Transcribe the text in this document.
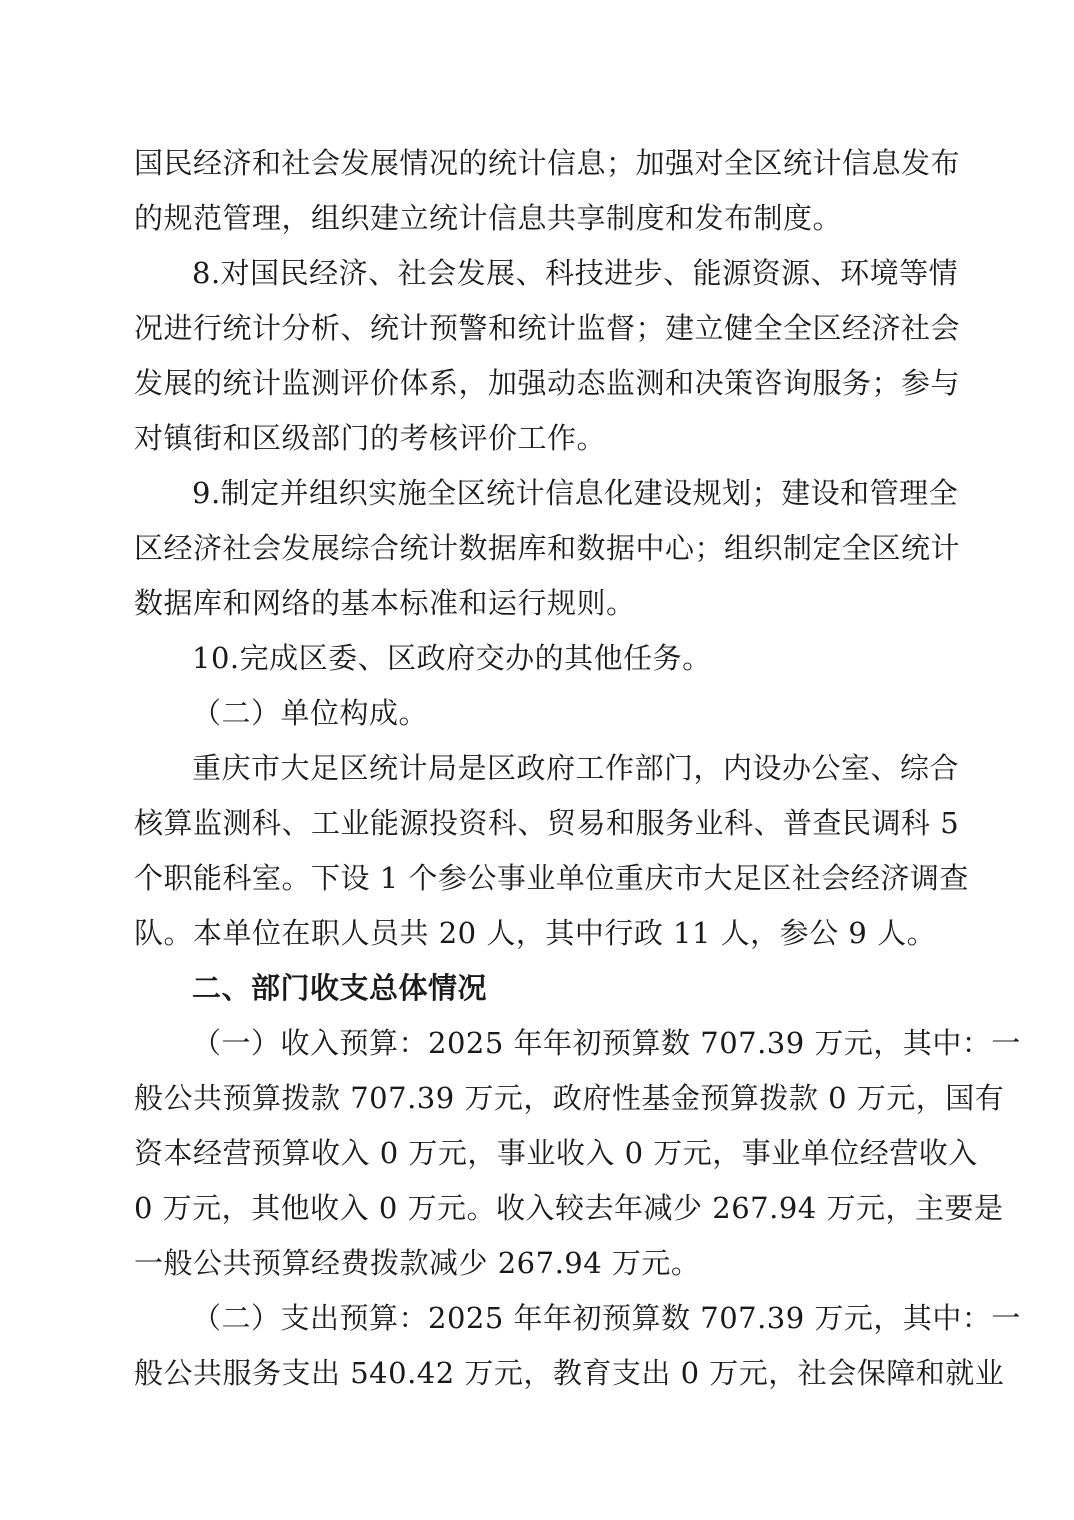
国民经济和社会发展情况的统计信息；加强对全区统计信息发布
的规范管理，组织建立统计信息共享制度和发布制度。
8.对国民经济、社会发展、科技进步、能源资源、环境等情
况进行统计分析、统计预警和统计监督；建立健全全区经济社会
发展的统计监测评价体系，加强动态监测和决策咨询服务；参与
对镇街和区级部门的考核评价工作。
9.制定并组织实施全区统计信息化建设规划；建设和管理全
区经济社会发展综合统计数据库和数据中心；组织制定全区统计
数据库和网络的基本标准和运行规则。
10.完成区委、区政府交办的其他任务。
（二）单位构成。
重庆市大足区统计局是区政府工作部门，内设办公室、综合
核算监测科、工业能源投资科、贸易和服务业科、普查民调科 5
个职能科室。下设 1 个参公事业单位重庆市大足区社会经济调查
队。本单位在职人员共 20 人，其中行政 11 人，参公 9 人。
二、部门收支总体情况
（一）收入预算：2025 年年初预算数 707.39 万元，其中：一
般公共预算拨款 707.39 万元，政府性基金预算拨款 0 万元，国有
资本经营预算收入 0 万元，事业收入 0 万元，事业单位经营收入
0 万元，其他收入 0 万元。收入较去年减少 267.94 万元，主要是
一般公共预算经费拨款减少 267.94 万元。
（二）支出预算：2025 年年初预算数 707.39 万元，其中：一
般公共服务支出 540.42 万元，教育支出 0 万元，社会保障和就业
